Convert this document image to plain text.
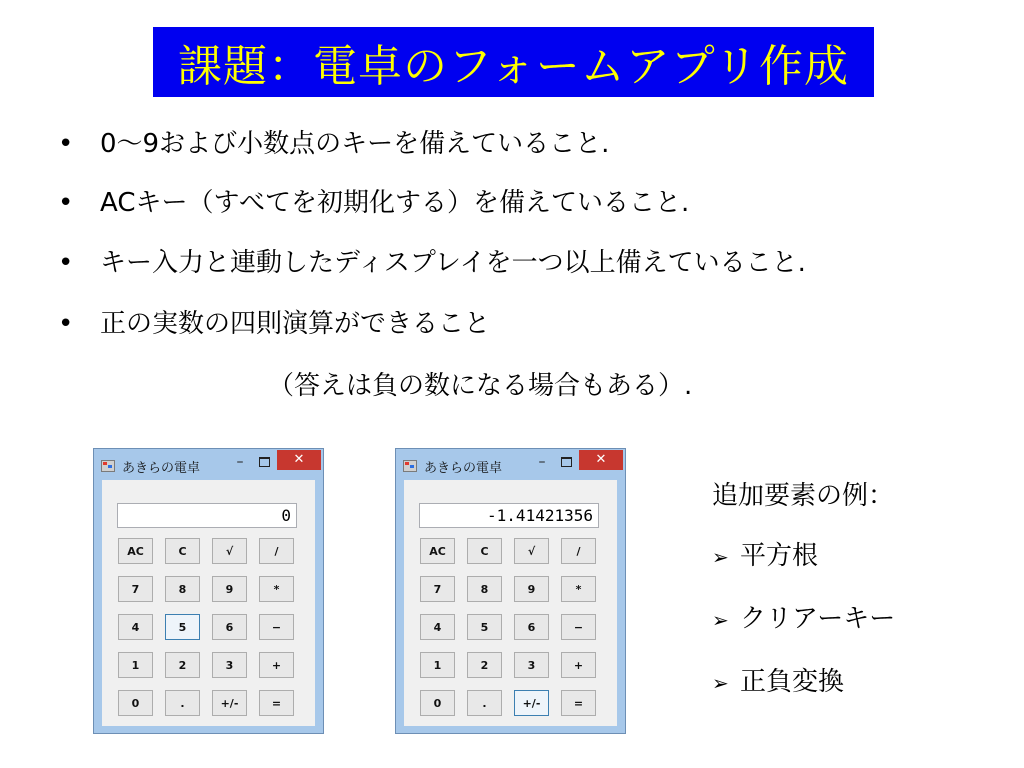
課題：電卓のフォームアプリ作成
• 0〜9および小数点のキーを備えていること.
• ACキー（すべてを初期化する）を備えていること.
• キー入力と連動したディスプレイを一つ以上備えていること.
• 正の実数の四則演算ができること
（答えは負の数になる場合もある）.
あきらの電卓	–	✕
0
AC	C	√	/
7	8	9	*
4	5	6	−
1	2	3	+
0	.	+/-	=
あきらの電卓	–	✕
-1.41421356
AC	C	√	/
7	8	9	*
4	5	6	−
1	2	3	+
0	.	+/-	=
追加要素の例：
➢ 平方根
➢ クリアーキー
➢ 正負変換
